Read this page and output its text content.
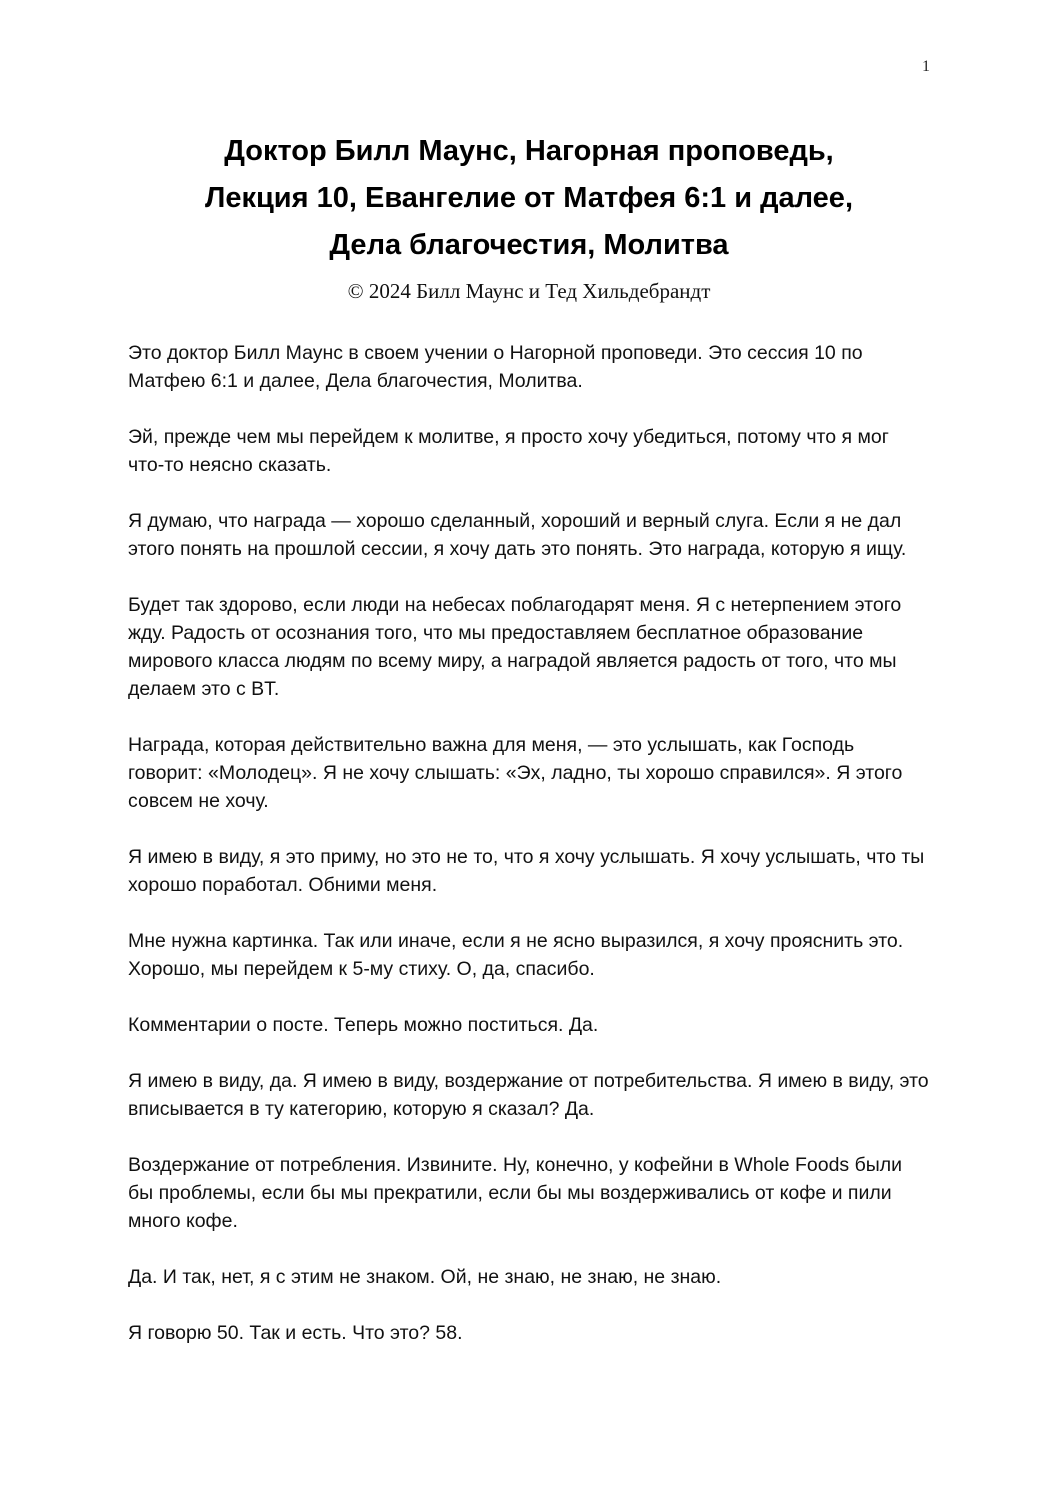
1
Доктор Билл Маунс, Нагорная проповедь,
Лекция 10, Евангелие от Матфея 6:1 и далее,
Дела благочестия, Молитва
© 2024 Билл Маунс и Тед Хильдебрандт

Это доктор Билл Маунс в своем учении о Нагорной проповеди. Это сессия 10 по Матфею 6:1 и далее, Дела благочестия, Молитва.

Эй, прежде чем мы перейдем к молитве, я просто хочу убедиться, потому что я мог что-то неясно сказать.

Я думаю, что награда — хорошо сделанный, хороший и верный слуга. Если я не дал этого понять на прошлой сессии, я хочу дать это понять. Это награда, которую я ищу.

Будет так здорово, если люди на небесах поблагодарят меня. Я с нетерпением этого жду. Радость от осознания того, что мы предоставляем бесплатное образование мирового класса людям по всему миру, а наградой является радость от того, что мы делаем это с BT.

Награда, которая действительно важна для меня, — это услышать, как Господь говорит: «Молодец». Я не хочу слышать: «Эх, ладно, ты хорошо справился». Я этого совсем не хочу.

Я имею в виду, я это приму, но это не то, что я хочу услышать. Я хочу услышать, что ты хорошо поработал. Обними меня.

Мне нужна картинка. Так или иначе, если я не ясно выразился, я хочу прояснить это. Хорошо, мы перейдем к 5-му стиху. О, да, спасибо.

Комментарии о посте. Теперь можно поститься. Да.

Я имею в виду, да. Я имею в виду, воздержание от потребительства. Я имею в виду, это вписывается в ту категорию, которую я сказал? Да.

Воздержание от потребления. Извините. Ну, конечно, у кофейни в Whole Foods были бы проблемы, если бы мы прекратили, если бы мы воздерживались от кофе и пили много кофе.

Да. И так, нет, я с этим не знаком. Ой, не знаю, не знаю, не знаю.

Я говорю 50. Так и есть. Что это? 58.
